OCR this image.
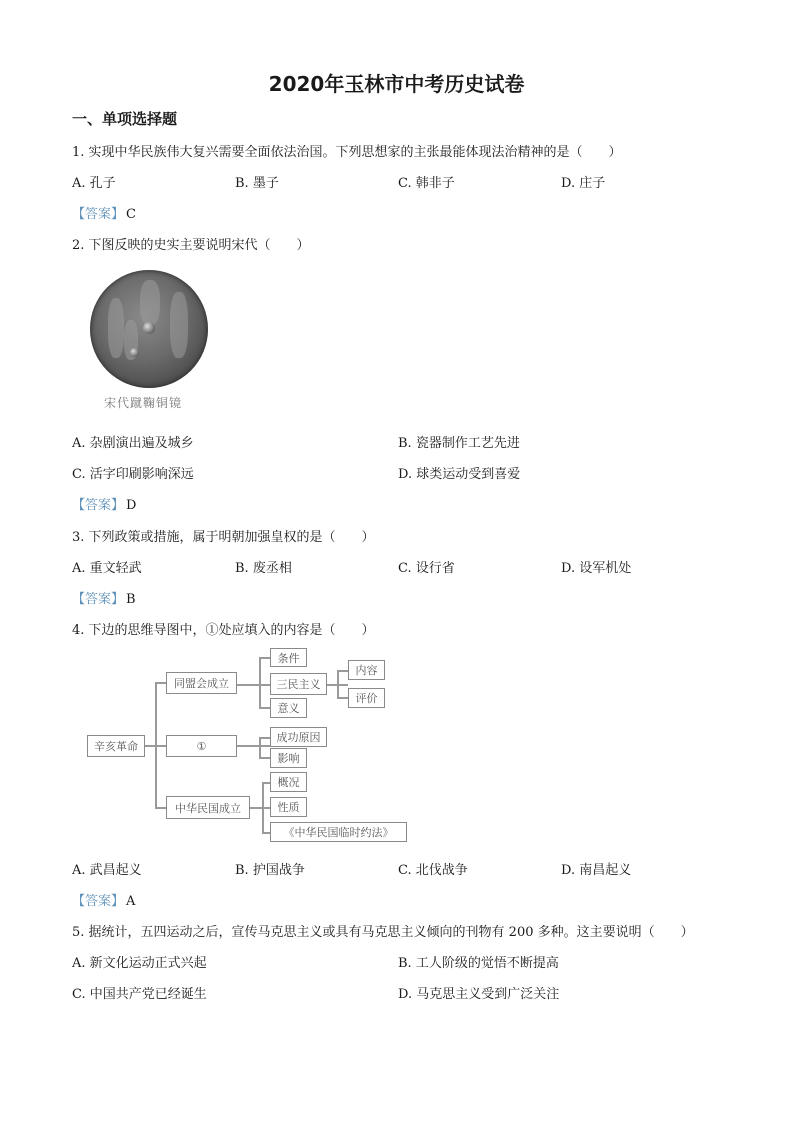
2020年玉林市中考历史试卷
一、单项选择题
1. 实现中华民族伟大复兴需要全面依法治国。下列思想家的主张最能体现法治精神的是（　　）
A. 孔子	B. 墨子	C. 韩非子	D. 庄子
【答案】 C
2. 下图反映的史实主要说明宋代（　　）
宋代蹴鞠铜镜
A. 杂剧演出遍及城乡	B. 瓷器制作工艺先进
C. 活字印刷影响深远	D. 球类运动受到喜爱
【答案】 D
3. 下列政策或措施，属于明朝加强皇权的是（　　）
A. 重文轻武	B. 废丞相	C. 设行省	D. 设军机处
【答案】 B
4. 下边的思维导图中，①处应填入的内容是（　　）
辛亥革命
同盟会成立
①
中华民国成立
条件
三民主义
意义
内容
评价
成功原因
影响
概况
性质
《中华民国临时约法》
A. 武昌起义	B. 护国战争	C. 北伐战争	D. 南昌起义
【答案】 A
5. 据统计，五四运动之后，宣传马克思主义或具有马克思主义倾向的刊物有 200 多种。这主要说明（　　）
A. 新文化运动正式兴起	B. 工人阶级的觉悟不断提高
C. 中国共产党已经诞生	D. 马克思主义受到广泛关注
